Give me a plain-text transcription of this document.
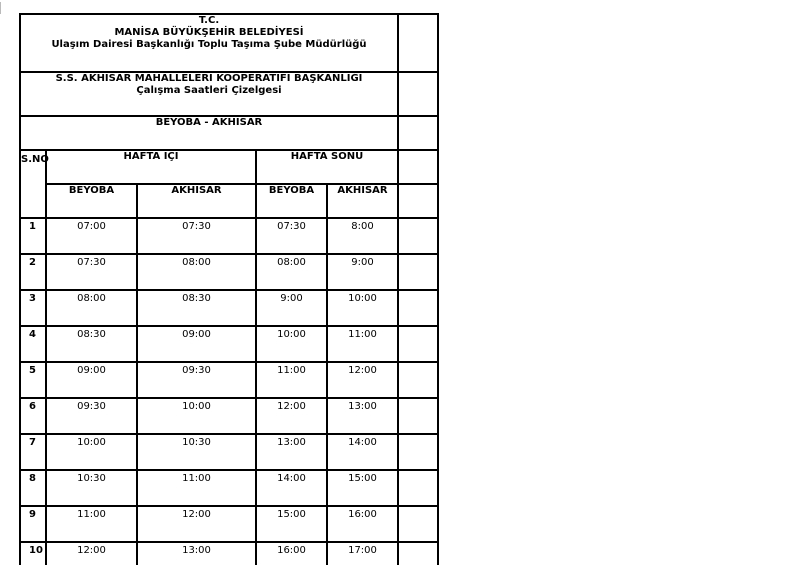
T.C.
MANİSA BÜYÜKŞEHİR BELEDİYESİ
Ulaşım Dairesi Başkanlığı Toplu Taşıma Şube Müdürlüğü					

S.S. AKHİSAR MAHALLELERİ KOOPERATİFİ BAŞKANLIĞI
Çalışma Saatleri Çizelgesi					

BEYOBA - AKHİSAR					
S.NO	HAFTA İÇİ		HAFTA SONU		
	BEYOBA	AKHİSAR	BEYOBA	AKHİSAR	
1	07:00	07:30	07:30	8:00	
2	07:30	08:00	08:00	9:00	
3	08:00	08:30	9:00	10:00	
4	08:30	09:00	10:00	11:00	
5	09:00	09:30	11:00	12:00	
6	09:30	10:00	12:00	13:00	
7	10:00	10:30	13:00	14:00	
8	10:30	11:00	14:00	15:00	
9	11:00	12:00	15:00	16:00	
10	12:00	13:00	16:00	17:00	
